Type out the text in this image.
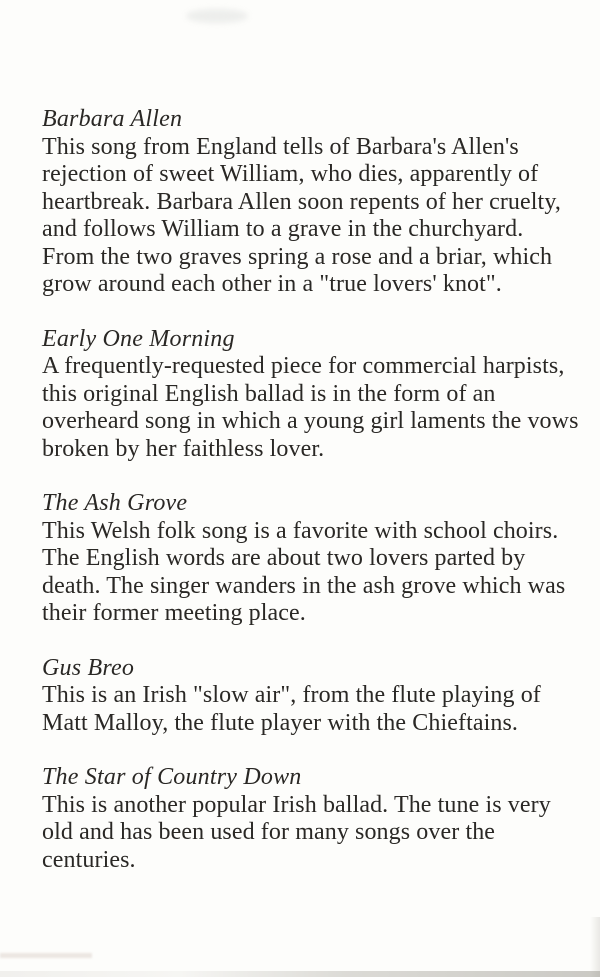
Barbara Allen

This song from England tells of Barbara's Allen's rejection of sweet William, who dies, apparently of heartbreak. Barbara Allen soon repents of her cruelty, and follows William to a grave in the churchyard. From the two graves spring a rose and a briar, which grow around each other in a "true lovers' knot".

Early One Morning

A frequently-requested piece for commercial harpists, this original English ballad is in the form of an overheard song in which a young girl laments the vows broken by her faithless lover.

The Ash Grove

This Welsh folk song is a favorite with school choirs. The English words are about two lovers parted by death. The singer wanders in the ash grove which was their former meeting place.

Gus Breo

This is an Irish "slow air", from the flute playing of Matt Malloy, the flute player with the Chieftains.

The Star of Country Down

This is another popular Irish ballad. The tune is very old and has been used for many songs over the centuries.
